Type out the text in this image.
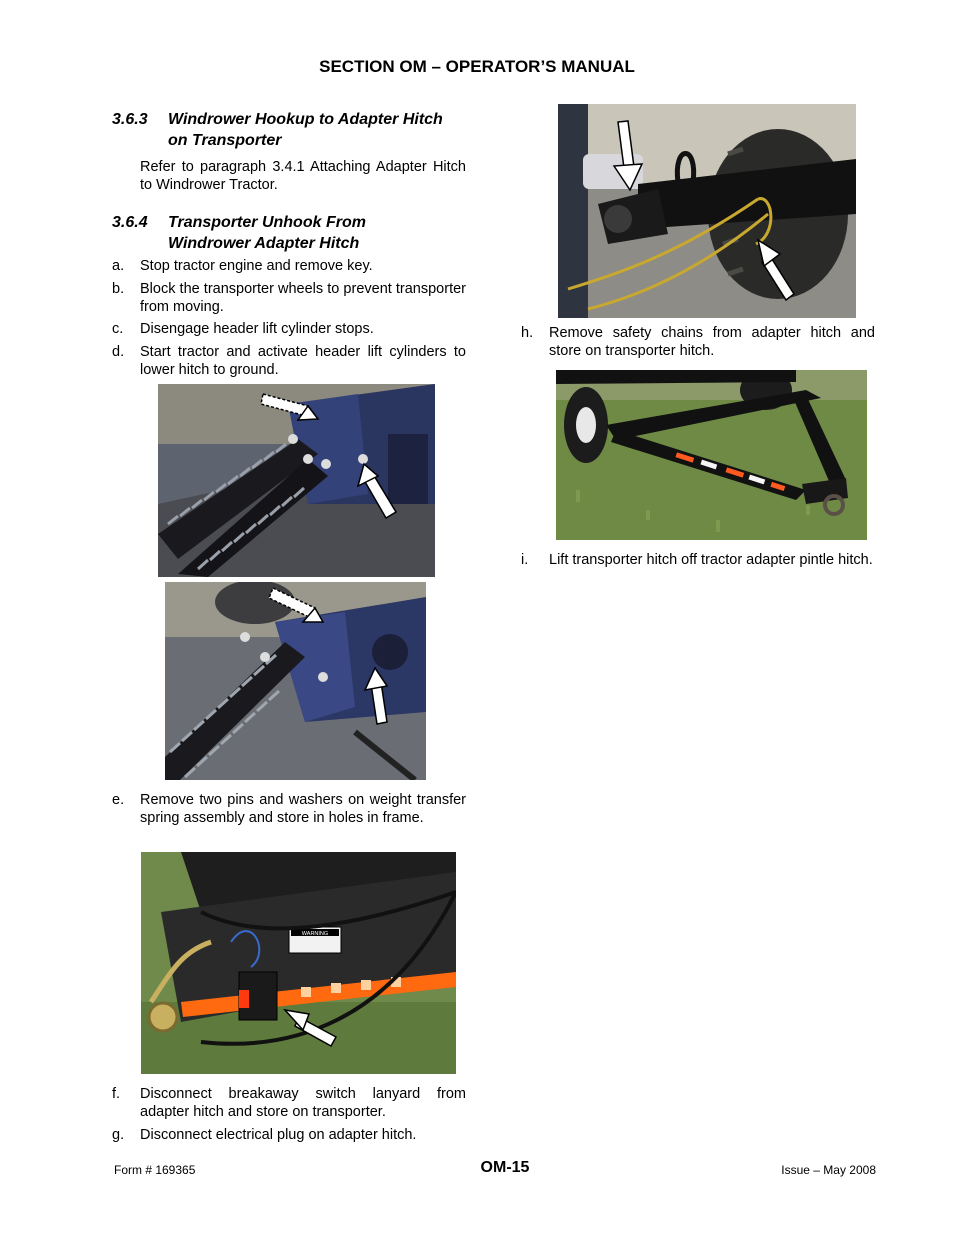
SECTION OM – OPERATOR’S MANUAL
3.6.3 Windrower Hookup to Adapter Hitch
on Transporter
Refer to paragraph 3.4.1 Attaching Adapter Hitch to Windrower Tractor.
3.6.4 Transporter Unhook From
Windrower Adapter Hitch
a. Stop tractor engine and remove key.
b. Block the transporter wheels to prevent transporter from moving.
c. Disengage header lift cylinder stops.
d. Start tractor and activate header lift cylinders to lower hitch to ground.
e. Remove two pins and washers on weight transfer spring assembly and store in holes in frame.
WARNING
f. Disconnect breakaway switch lanyard from adapter hitch and store on transporter.
g. Disconnect electrical plug on adapter hitch.
h. Remove safety chains from adapter hitch and store on transporter hitch.
i. Lift transporter hitch off tractor adapter pintle hitch.
Form # 169365	OM-15	Issue – May 2008
